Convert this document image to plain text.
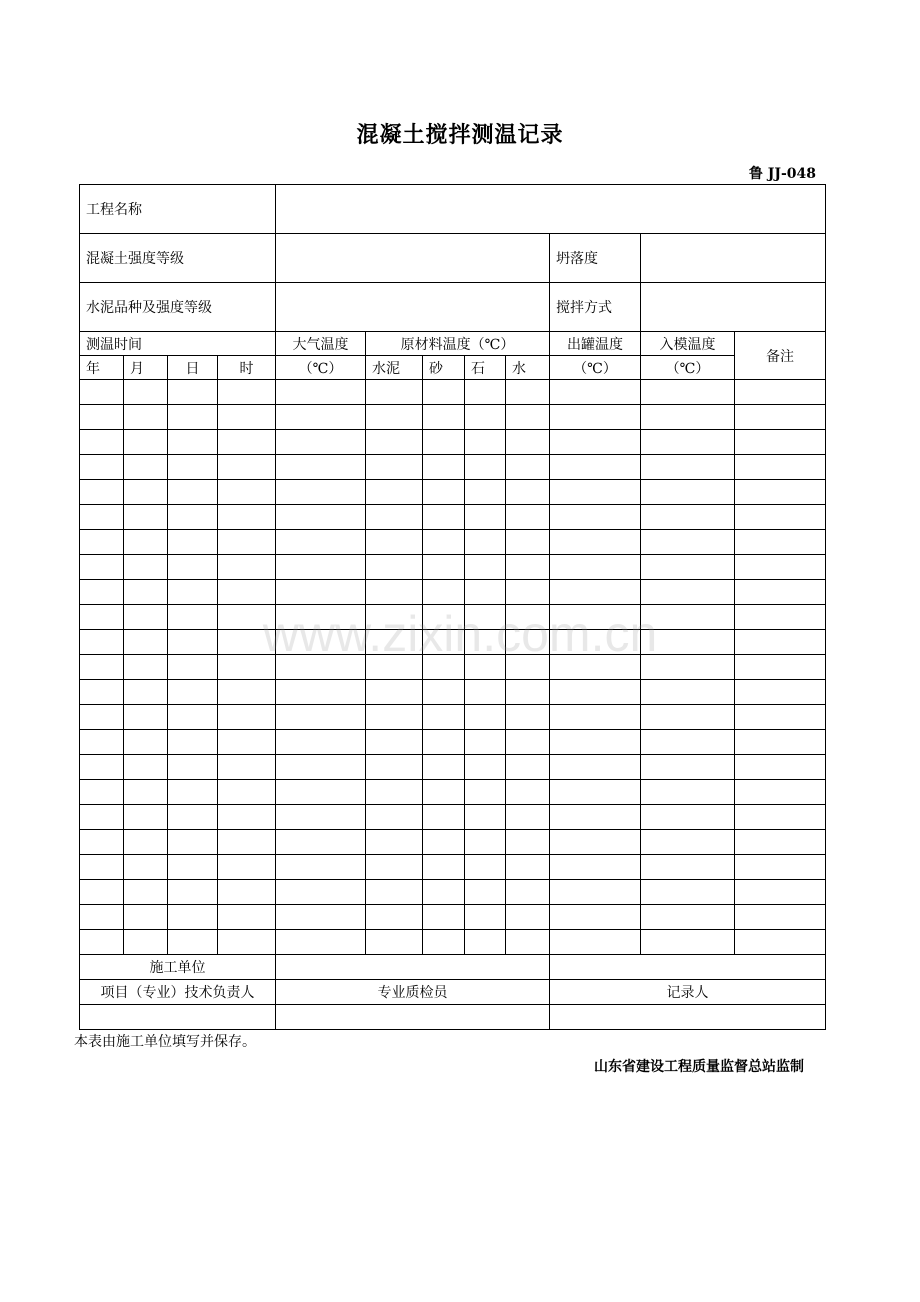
混凝土搅拌测温记录
鲁 JJ-048
工程名称											
混凝土强度等级									坍落度		
水泥品种及强度等级									搅拌方式		
测温时间				大气温度	原材料温度（℃）				出罐温度	入模温度	备注
年	月	日	时	（℃）	水泥	砂	石	水	（℃）	（℃）	

施工单位											
项目（专业）技术负责人				专业质检员					记录人		

本表由施工单位填写并保存。
山东省建设工程质量监督总站监制
www.zixin.com.cn
